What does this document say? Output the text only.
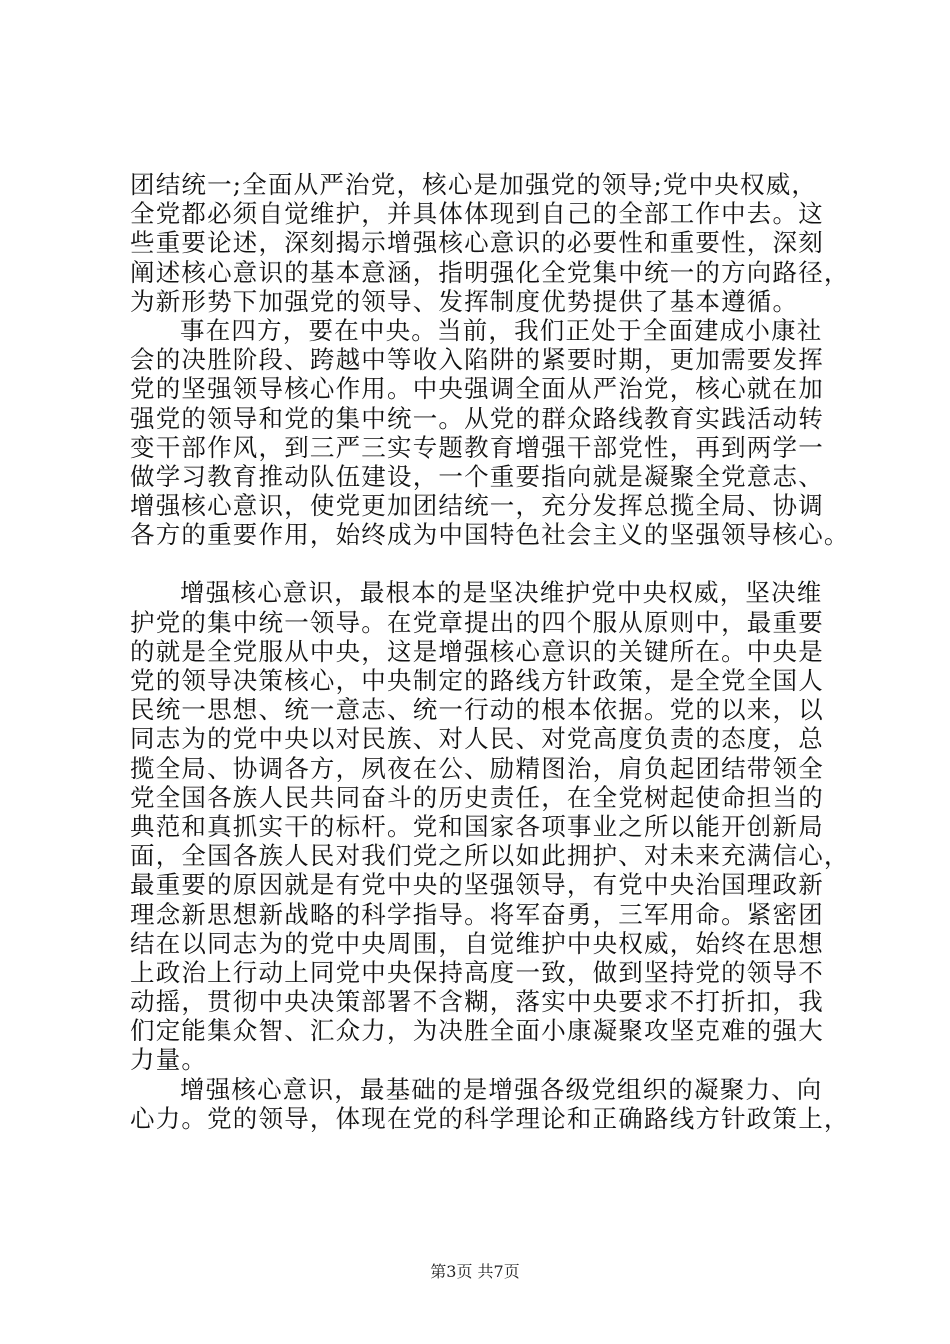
团结统一;全面从严治党，核心是加强党的领导;党中央权威，
全党都必须自觉维护，并具体体现到自己的全部工作中去。这
些重要论述，深刻揭示增强核心意识的必要性和重要性，深刻
阐述核心意识的基本意涵，指明强化全党集中统一的方向路径，
为新形势下加强党的领导、发挥制度优势提供了基本遵循。
事在四方，要在中央。当前，我们正处于全面建成小康社
会的决胜阶段、跨越中等收入陷阱的紧要时期，更加需要发挥
党的坚强领导核心作用。中央强调全面从严治党，核心就在加
强党的领导和党的集中统一。从党的群众路线教育实践活动转
变干部作风，到三严三实专题教育增强干部党性，再到两学一
做学习教育推动队伍建设，一个重要指向就是凝聚全党意志、
增强核心意识，使党更加团结统一，充分发挥总揽全局、协调
各方的重要作用，始终成为中国特色社会主义的坚强领导核心。
增强核心意识，最根本的是坚决维护党中央权威，坚决维
护党的集中统一领导。在党章提出的四个服从原则中，最重要
的就是全党服从中央，这是增强核心意识的关键所在。中央是
党的领导决策核心，中央制定的路线方针政策，是全党全国人
民统一思想、统一意志、统一行动的根本依据。党的以来，以
同志为的党中央以对民族、对人民、对党高度负责的态度，总
揽全局、协调各方，夙夜在公、励精图治，肩负起团结带领全
党全国各族人民共同奋斗的历史责任，在全党树起使命担当的
典范和真抓实干的标杆。党和国家各项事业之所以能开创新局
面，全国各族人民对我们党之所以如此拥护、对未来充满信心，
最重要的原因就是有党中央的坚强领导，有党中央治国理政新
理念新思想新战略的科学指导。将军奋勇，三军用命。紧密团
结在以同志为的党中央周围，自觉维护中央权威，始终在思想
上政治上行动上同党中央保持高度一致，做到坚持党的领导不
动摇，贯彻中央决策部署不含糊，落实中央要求不打折扣，我
们定能集众智、汇众力，为决胜全面小康凝聚攻坚克难的强大
力量。
增强核心意识，最基础的是增强各级党组织的凝聚力、向
心力。党的领导，体现在党的科学理论和正确路线方针政策上，
第3页 共7页
